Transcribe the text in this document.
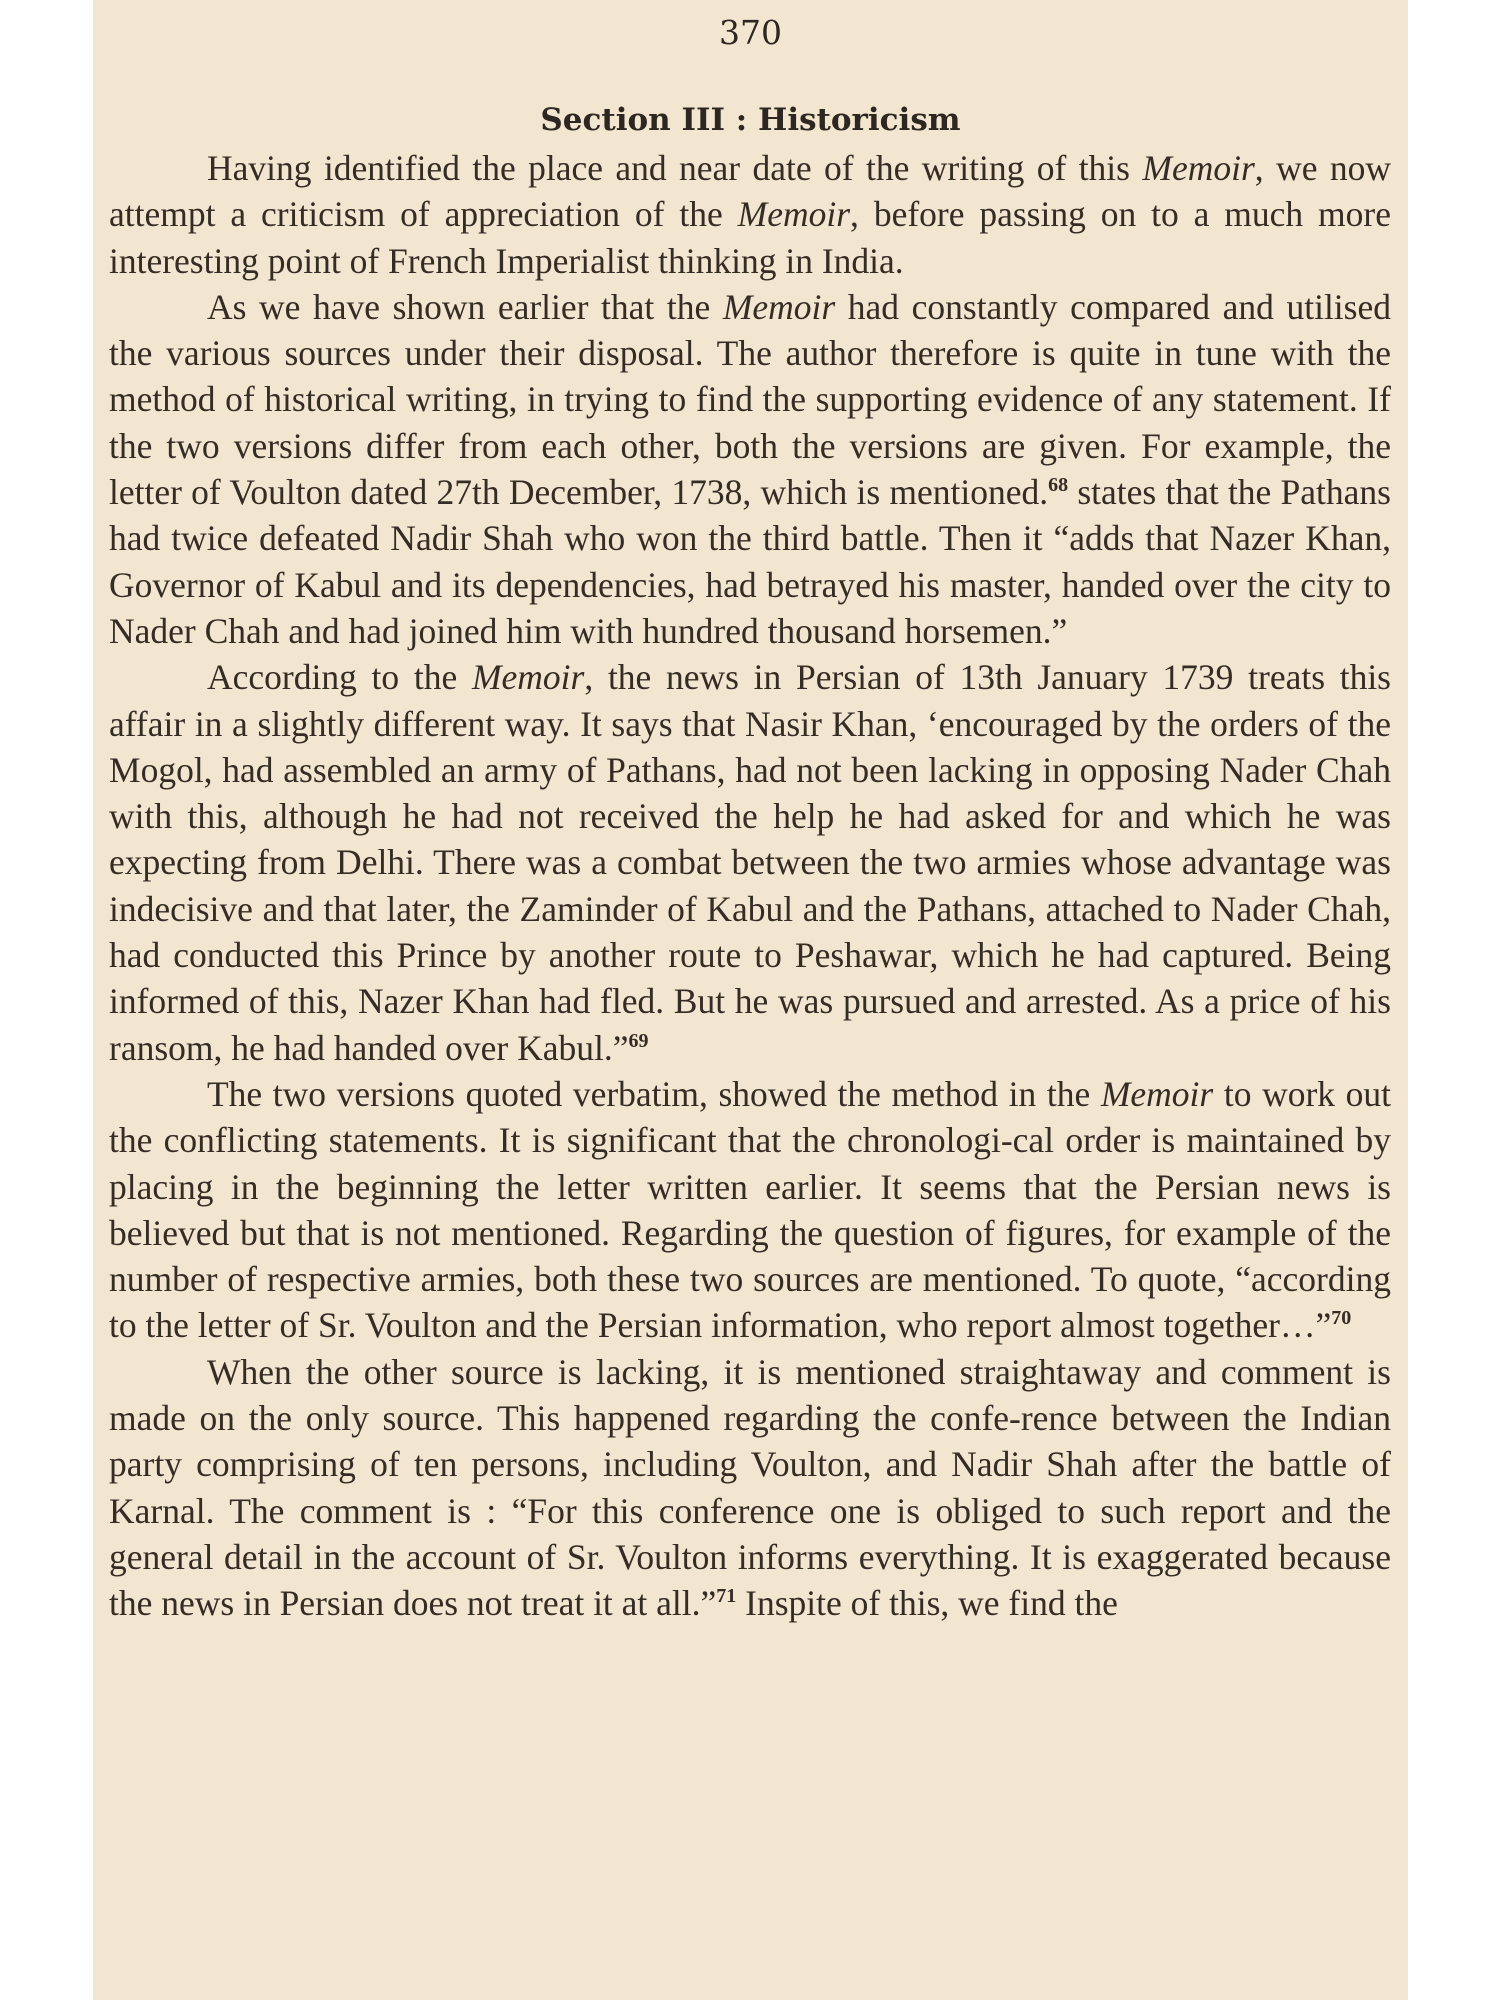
370
Section III : Historicism

Having identified the place and near date of the writing of this Memoir, we now attempt a criticism of appreciation of the Memoir, before passing on to a much more interesting point of French Imperialist thinking in India.

As we have shown earlier that the Memoir had constantly compared and utilised the various sources under their disposal. The author therefore is quite in tune with the method of historical writing, in trying to find the supporting evidence of any statement. If the two versions differ from each other, both the versions are given. For example, the letter of Voulton dated 27th December, 1738, which is mentioned.$^{68}$ states that the Pathans had twice defeated Nadir Shah who won the third battle. Then it “adds that Nazer Khan, Governor of Kabul and its dependencies, had betrayed his master, handed over the city to Nader Chah and had joined him with hundred thousand horsemen.”

According to the Memoir, the news in Persian of 13th January 1739 treats this affair in a slightly different way. It says that Nasir Khan, ‘encouraged by the orders of the Mogol, had assembled an army of Pathans, had not been lacking in opposing Nader Chah with this, although he had not received the help he had asked for and which he was expecting from Delhi. There was a combat between the two armies whose advantage was indecisive and that later, the Zaminder of Kabul and the Pathans, attached to Nader Chah, had conducted this Prince by another route to Peshawar, which he had captured. Being informed of this, Nazer Khan had fled. But he was pursued and arrested. As a price of his ransom, he had handed over Kabul.”$^{69}$

The two versions quoted verbatim, showed the method in the Memoir to work out the conflicting statements. It is significant that the chronologi-cal order is maintained by placing in the beginning the letter written earlier. It seems that the Persian news is believed but that is not mentioned. Regarding the question of figures, for example of the number of respective armies, both these two sources are mentioned. To quote, “according to the letter of Sr. Voulton and the Persian information, who report almost together…”$^{70}$

When the other source is lacking, it is mentioned straightaway and comment is made on the only source. This happened regarding the confe-rence between the Indian party comprising of ten persons, including Voulton, and Nadir Shah after the battle of Karnal. The comment is : “For this conference one is obliged to such report and the general detail in the account of Sr. Voulton informs everything. It is exaggerated because the news in Persian does not treat it at all.”$^{71}$ Inspite of this, we find the
